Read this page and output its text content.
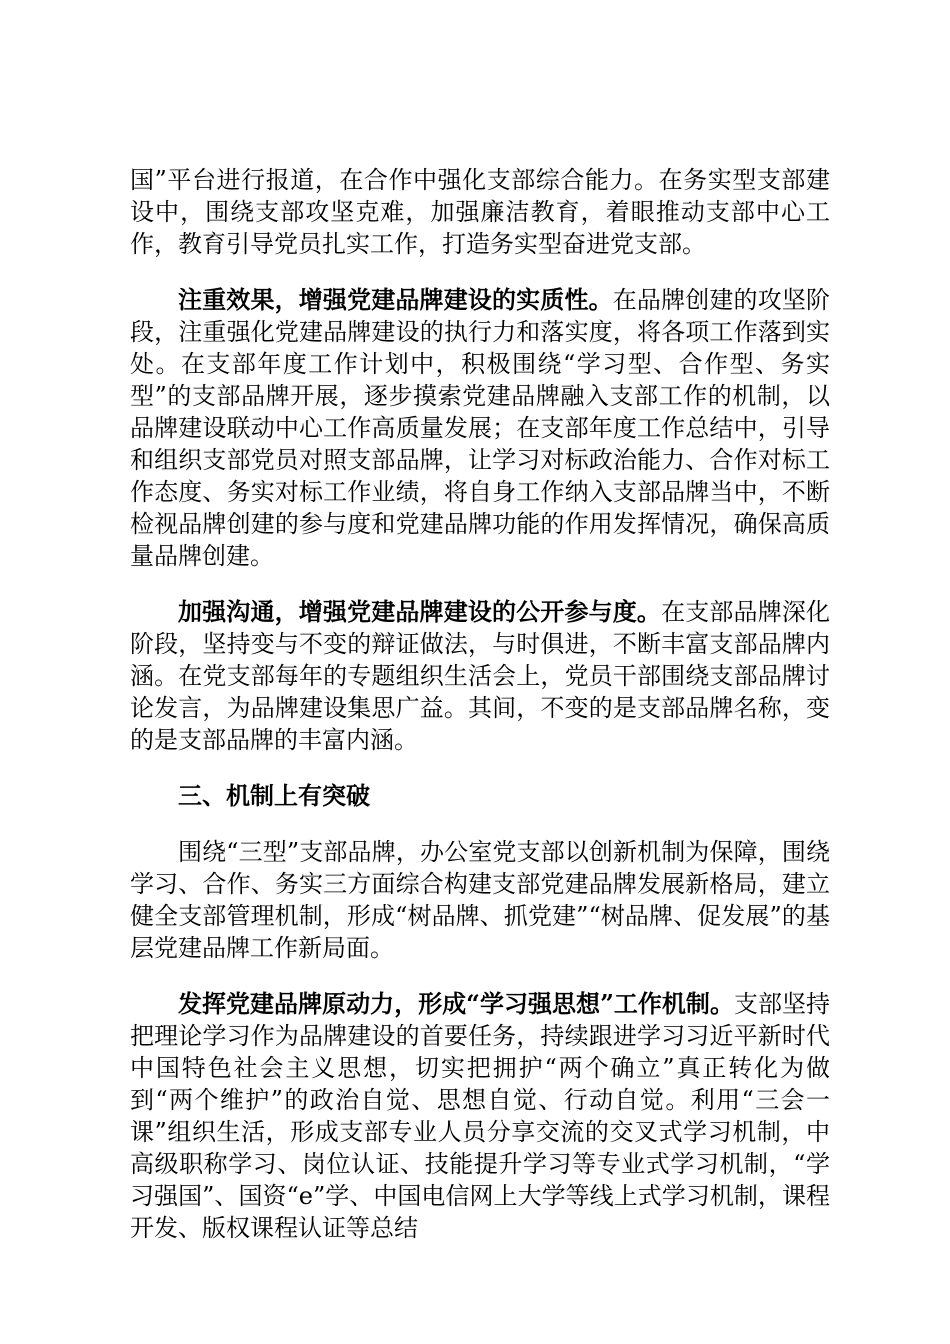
国”平台进行报道，在合作中强化支部综合能力。在务实型支部建设中，围绕支部攻坚克难，加强廉洁教育，着眼推动支部中心工作，教育引导党员扎实工作，打造务实型奋进党支部。

注重效果，增强党建品牌建设的实质性。在品牌创建的攻坚阶段，注重强化党建品牌建设的执行力和落实度，将各项工作落到实处。在支部年度工作计划中，积极围绕“学习型、合作型、务实型”的支部品牌开展，逐步摸索党建品牌融入支部工作的机制，以品牌建设联动中心工作高质量发展；在支部年度工作总结中，引导和组织支部党员对照支部品牌，让学习对标政治能力、合作对标工作态度、务实对标工作业绩，将自身工作纳入支部品牌当中，不断检视品牌创建的参与度和党建品牌功能的作用发挥情况，确保高质量品牌创建。

加强沟通，增强党建品牌建设的公开参与度。在支部品牌深化阶段，坚持变与不变的辩证做法，与时俱进，不断丰富支部品牌内涵。在党支部每年的专题组织生活会上，党员干部围绕支部品牌讨论发言，为品牌建设集思广益。其间，不变的是支部品牌名称，变的是支部品牌的丰富内涵。

三、机制上有突破

围绕“三型”支部品牌，办公室党支部以创新机制为保障，围绕学习、合作、务实三方面综合构建支部党建品牌发展新格局，建立健全支部管理机制，形成“树品牌、抓党建”“树品牌、促发展”的基层党建品牌工作新局面。

发挥党建品牌原动力，形成“学习强思想”工作机制。支部坚持把理论学习作为品牌建设的首要任务，持续跟进学习习近平新时代中国特色社会主义思想，切实把拥护“两个确立”真正转化为做到“两个维护”的政治自觉、思想自觉、行动自觉。利用“三会一课”组织生活，形成支部专业人员分享交流的交叉式学习机制，中高级职称学习、岗位认证、技能提升学习等专业式学习机制，“学习强国”、国资“e”学、中国电信网上大学等线上式学习机制，课程开发、版权课程认证等总结
